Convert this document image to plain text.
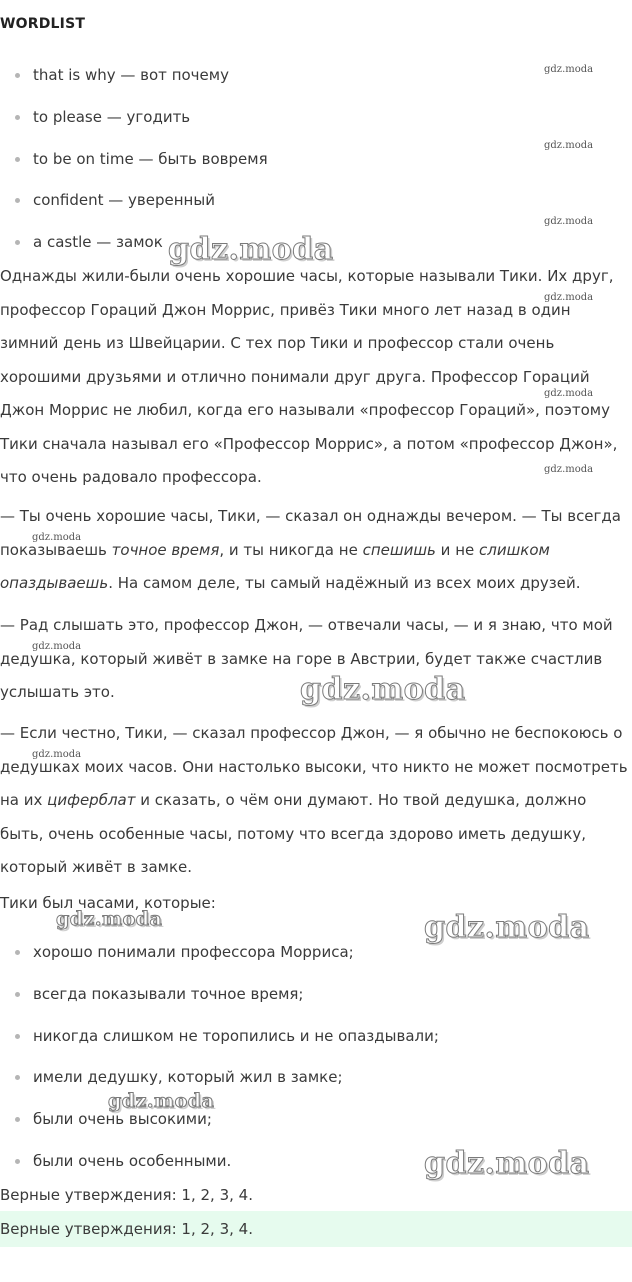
WORDLIST
that is why — вот почему
to please — угодить
to be on time — быть вовремя
confident — уверенный
a castle — замок

Однажды жили-были очень хорошие часы, которые называли Тики. Их друг, профессор Гораций Джон Моррис, привёз Тики много лет назад в один зимний день из Швейцарии. С тех пор Тики и профессор стали очень хорошими друзьями и отлично понимали друг друга. Профессор Гораций Джон Моррис не любил, когда его называли «профессор Гораций», поэтому Тики сначала называл его «Профессор Моррис», а потом «профессор Джон», что очень радовало профессора.

— Ты очень хорошие часы, Тики, — сказал он однажды вечером. — Ты всегда показываешь точное время, и ты никогда не спешишь и не слишком опаздываешь. На самом деле, ты самый надёжный из всех моих друзей.

— Рад слышать это, профессор Джон, — отвечали часы, — и я знаю, что мой дедушка, который живёт в замке на горе в Австрии, будет также счастлив услышать это.

— Если честно, Тики, — сказал профессор Джон, — я обычно не беспокоюсь о дедушках моих часов. Они настолько высоки, что никто не может посмотреть на их циферблат и сказать, о чём они думают. Но твой дедушка, должно быть, очень особенные часы, потому что всегда здорово иметь дедушку, который живёт в замке.

Тики был часами, которые:

хорошо понимали профессора Морриса;
всегда показывали точное время;
никогда слишком не торопились и не опаздывали;
имели дедушку, который жил в замке;
были очень высокими;
были очень особенными.

Верные утверждения: 1, 2, 3, 4.

Верные утверждения: 1, 2, 3, 4.

gdz.moda
gdz.moda
gdz.moda
gdz.moda
gdz.moda
gdz.moda
gdz.moda
gdz.moda
gdz.moda
gdz.moda
gdz.moda
gdz.moda	gdz.moda
gdz.moda
gdz.moda
